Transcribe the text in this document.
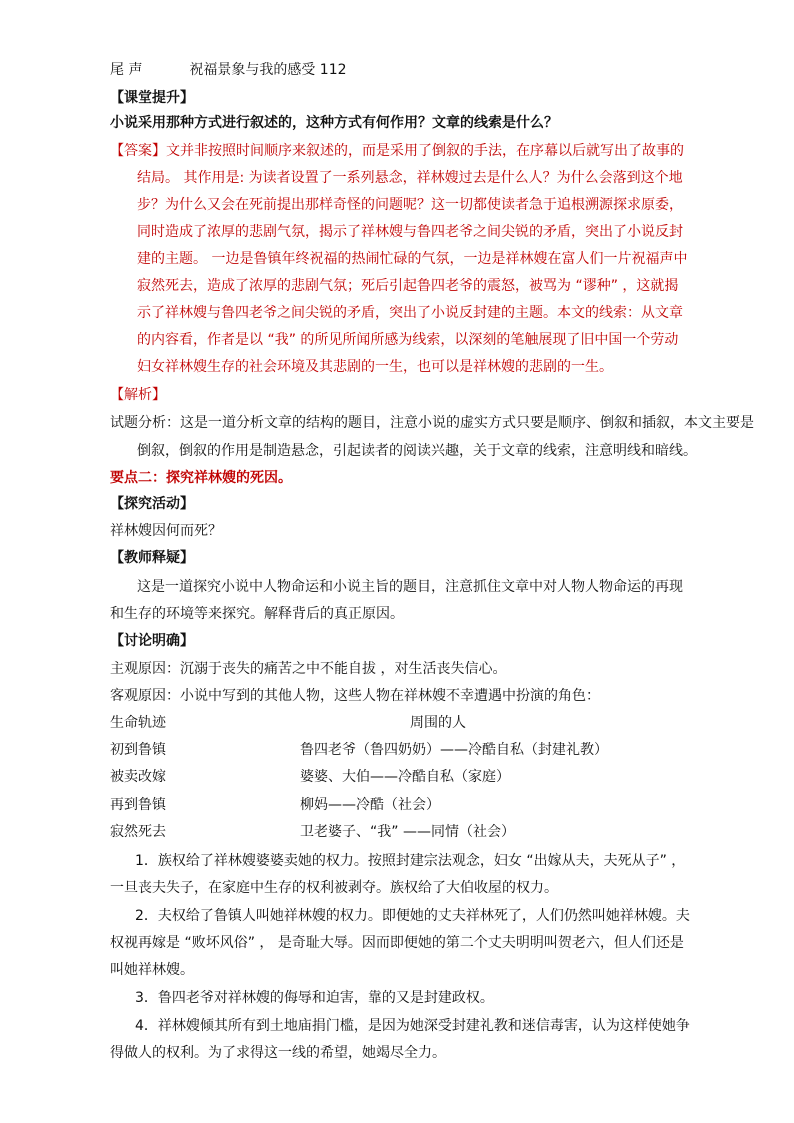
尾 声	祝福景象与我的感受 112
【课堂提升】
小说采用那种方式进行叙述的，这种方式有何作用？文章的线索是什么？
【答案】文并非按照时间顺序来叙述的，而是采用了倒叙的手法，在序幕以后就写出了故事的
结局。 其作用是: 为读者设置了一系列悬念，祥林嫂过去是什么人？为什么会落到这个地
步？为什么又会在死前提出那样奇怪的问题呢？这一切都使读者急于追根溯源探求原委，
同时造成了浓厚的悲剧气氛，揭示了祥林嫂与鲁四老爷之间尖锐的矛盾，突出了小说反封
建的主题。 一边是鲁镇年终祝福的热闹忙碌的气氛，一边是祥林嫂在富人们一片祝福声中
寂然死去，造成了浓厚的悲剧气氛；死后引起鲁四老爷的震怒，被骂为 “谬种” ，这就揭
示了祥林嫂与鲁四老爷之间尖锐的矛盾，突出了小说反封建的主题。本文的线索：从文章
的内容看，作者是以 “我” 的所见所闻所感为线索，以深刻的笔触展现了旧中国一个劳动
妇女祥林嫂生存的社会环境及其悲剧的一生，也可以是祥林嫂的悲剧的一生。
【解析】
试题分析：这是一道分析文章的结构的题目，注意小说的虚实方式只要是顺序、倒叙和插叙，本文主要是
倒叙，倒叙的作用是制造悬念，引起读者的阅读兴趣，关于文章的线索，注意明线和暗线。
要点二：探究祥林嫂的死因。
【探究活动】
祥林嫂因何而死？
【教师释疑】
这是一道探究小说中人物命运和小说主旨的题目，注意抓住文章中对人物人物命运的再现
和生存的环境等来探究。解释背后的真正原因。
【讨论明确】
主观原因：沉溺于丧失的痛苦之中不能自拔 ，对生活丧失信心。
客观原因：小说中写到的其他人物，这些人物在祥林嫂不幸遭遇中扮演的角色：
生命轨迹	周围的人
初到鲁镇	鲁四老爷（鲁四奶奶）——冷酷自私（封建礼教）
被卖改嫁	婆婆、大伯——冷酷自私（家庭）
再到鲁镇	柳妈——冷酷（社会）
寂然死去	卫老婆子、“我” ——同情（社会）
1．族权给了祥林嫂婆婆卖她的权力。按照封建宗法观念，妇女 “出嫁从夫，夫死从子” ，
一旦丧夫失子，在家庭中生存的权利被剥夺。族权给了大伯收屋的权力。
2．夫权给了鲁镇人叫她祥林嫂的权力。即便她的丈夫祥林死了，人们仍然叫她祥林嫂。夫
权视再嫁是 “败坏风俗” ， 是奇耻大辱。因而即便她的第二个丈夫明明叫贺老六，但人们还是
叫她祥林嫂。
3．鲁四老爷对祥林嫂的侮辱和迫害，靠的又是封建政权。
4．祥林嫂倾其所有到土地庙捐门槛，是因为她深受封建礼教和迷信毒害，认为这样使她争
得做人的权利。为了求得这一线的希望，她竭尽全力。
